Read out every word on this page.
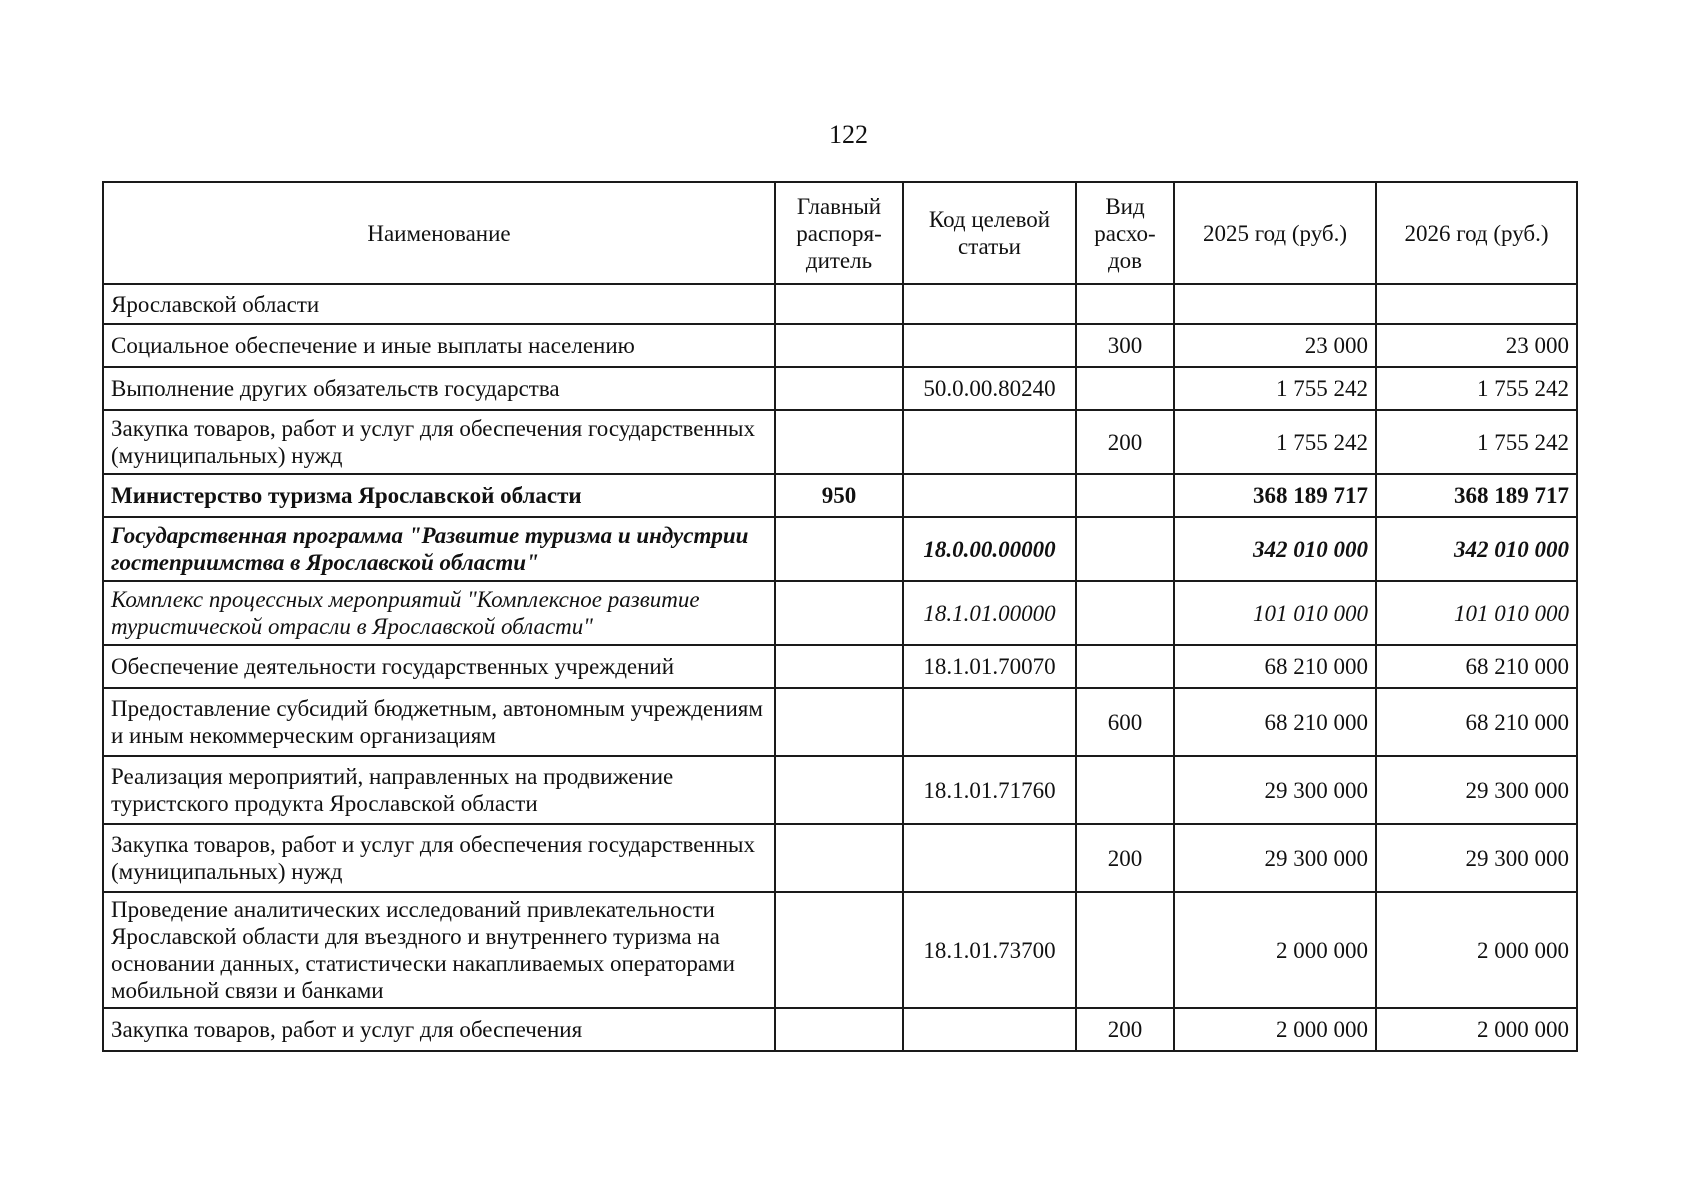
122
Наименование	Главный распоря-дитель	Код целевой статьи	Вид расхо-дов	2025 год (руб.)	2026 год (руб.)
Ярославской области					
Социальное обеспечение и иные выплаты населению			300	23 000	23 000
Выполнение других обязательств государства		50.0.00.80240		1 755 242	1 755 242
Закупка товаров, работ и услуг для обеспечения государственных (муниципальных) нужд			200	1 755 242	1 755 242
Министерство туризма Ярославской области	950			368 189 717	368 189 717
Государственная программа "Развитие туризма и индустрии гостеприимства в Ярославской области"		18.0.00.00000		342 010 000	342 010 000
Комплекс процессных мероприятий "Комплексное развитие туристической отрасли в Ярославской области"		18.1.01.00000		101 010 000	101 010 000
Обеспечение деятельности государственных учреждений		18.1.01.70070		68 210 000	68 210 000
Предоставление субсидий бюджетным, автономным учреждениям и иным некоммерческим организациям			600	68 210 000	68 210 000
Реализация мероприятий, направленных на продвижение туристского продукта Ярославской области		18.1.01.71760		29 300 000	29 300 000
Закупка товаров, работ и услуг для обеспечения государственных (муниципальных) нужд			200	29 300 000	29 300 000
Проведение аналитических исследований привлекательности Ярославской области для въездного и внутреннего туризма на основании данных, статистически накапливаемых операторами мобильной связи и банками		18.1.01.73700		2 000 000	2 000 000
Закупка товаров, работ и услуг для обеспечения			200	2 000 000	2 000 000
